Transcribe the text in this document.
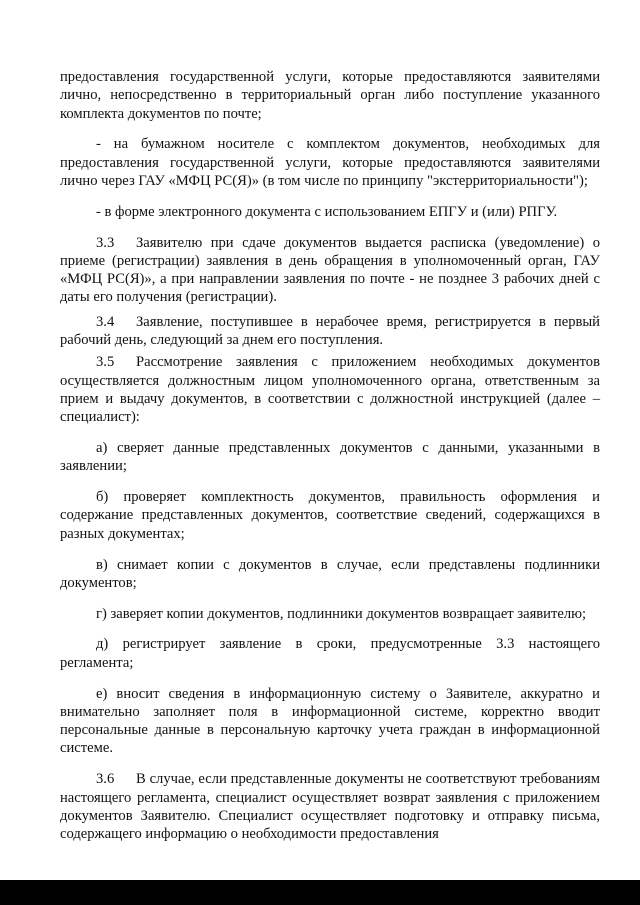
предоставления государственной услуги, которые предоставляются заявителями лично, непосредственно в территориальный орган либо поступление указанного комплекта документов по почте;

- на бумажном носителе с комплектом документов, необходимых для предоставления государственной услуги, которые предоставляются заявителями лично через ГАУ «МФЦ РС(Я)» (в том числе по принципу "экстерриториальности");

- в форме электронного документа с использованием ЕПГУ и (или) РПГУ.

3.3 Заявителю при сдаче документов выдается расписка (уведомление) о приеме (регистрации) заявления в день обращения в уполномоченный орган, ГАУ «МФЦ РС(Я)», а при направлении заявления по почте - не позднее 3 рабочих дней с даты его получения (регистрации).

3.4 Заявление, поступившее в нерабочее время, регистрируется в первый рабочий день, следующий за днем его поступления.

3.5 Рассмотрение заявления с приложением необходимых документов осуществляется должностным лицом уполномоченного органа, ответственным за прием и выдачу документов, в соответствии с должностной инструкцией (далее – специалист):

а) сверяет данные представленных документов с данными, указанными в заявлении;

б) проверяет комплектность документов, правильность оформления и содержание представленных документов, соответствие сведений, содержащихся в разных документах;

в) снимает копии с документов в случае, если представлены подлинники документов;

г) заверяет копии документов, подлинники документов возвращает заявителю;

д) регистрирует заявление в сроки, предусмотренные 3.3 настоящего регламента;

е) вносит сведения в информационную систему о Заявителе, аккуратно и внимательно заполняет поля в информационной системе, корректно вводит персональные данные в персональную карточку учета граждан в информационной системе.

3.6 В случае, если представленные документы не соответствуют требованиям настоящего регламента, специалист осуществляет возврат заявления с приложением документов Заявителю. Специалист осуществляет подготовку и отправку письма, содержащего информацию о необходимости предоставления
